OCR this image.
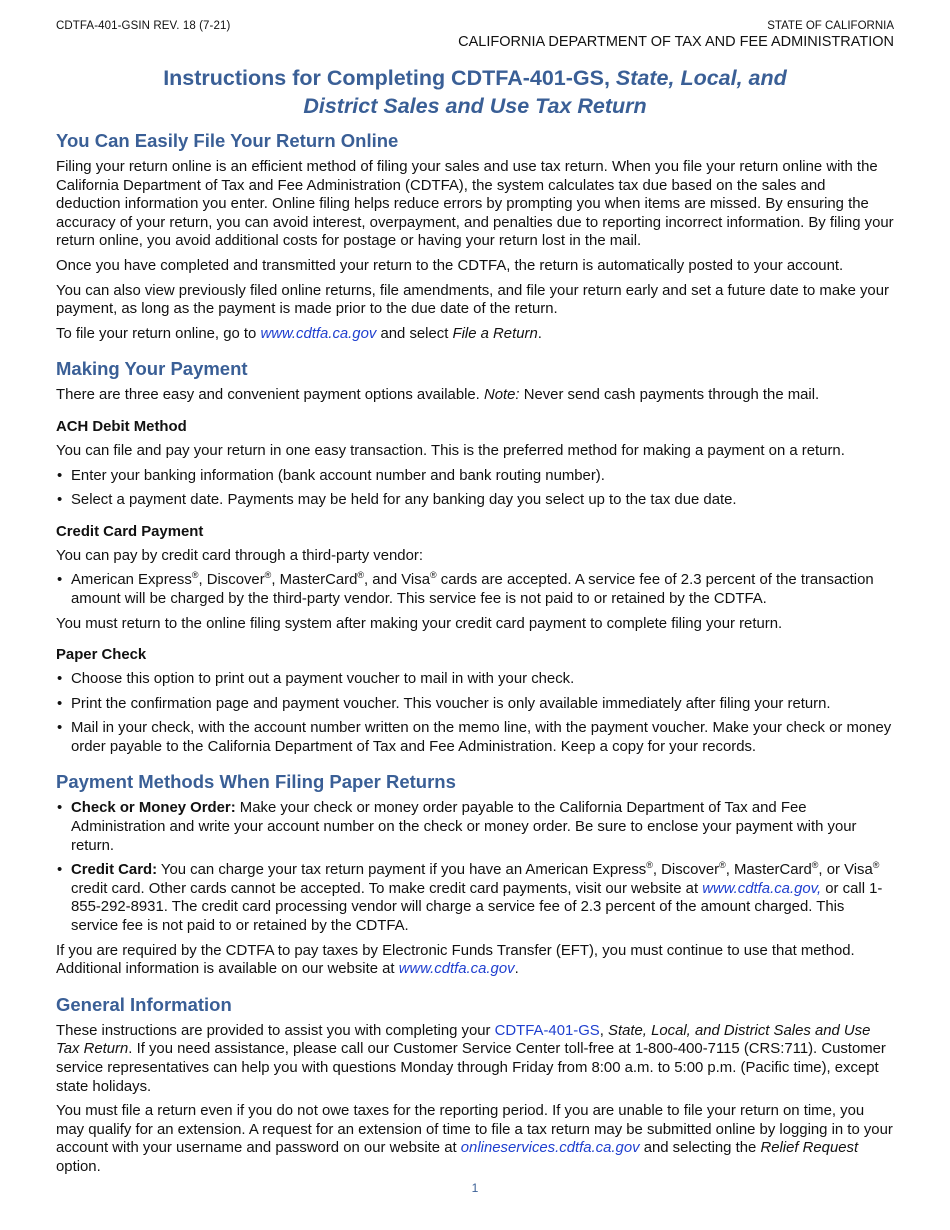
CDTFA-401-GSIN REV. 18 (7-21)	STATE OF CALIFORNIA
CALIFORNIA DEPARTMENT OF TAX AND FEE ADMINISTRATION
Instructions for Completing CDTFA-401-GS, State, Local, and
District Sales and Use Tax Return
You Can Easily File Your Return Online

Filing your return online is an efficient method of filing your sales and use tax return. When you file your return online with the California Department of Tax and Fee Administration (CDTFA), the system calculates tax due based on the sales and deduction information you enter. Online filing helps reduce errors by prompting you when items are missed. By ensuring the accuracy of your return, you can avoid interest, overpayment, and penalties due to reporting incorrect information. By filing your return online, you avoid additional costs for postage or having your return lost in the mail.

Once you have completed and transmitted your return to the CDTFA, the return is automatically posted to your account.

You can also view previously filed online returns, file amendments, and file your return early and set a future date to make your payment, as long as the payment is made prior to the due date of the return.

To file your return online, go to www.cdtfa.ca.gov and select File a Return.

Making Your Payment

There are three easy and convenient payment options available. Note: Never send cash payments through the mail.

ACH Debit Method

You can file and pay your return in one easy transaction. This is the preferred method for making a payment on a return.

• Enter your banking information (bank account number and bank routing number).
• Select a payment date. Payments may be held for any banking day you select up to the tax due date.
Credit Card Payment

You can pay by credit card through a third-party vendor:

• American Express®, Discover®, MasterCard®, and Visa® cards are accepted. A service fee of 2.3 percent of the transaction amount will be charged by the third-party vendor. This service fee is not paid to or retained by the CDTFA.

You must return to the online filing system after making your credit card payment to complete filing your return.

Paper Check
• Choose this option to print out a payment voucher to mail in with your check.
• Print the confirmation page and payment voucher. This voucher is only available immediately after filing your return.
• Mail in your check, with the account number written on the memo line, with the payment voucher. Make your check or money order payable to the California Department of Tax and Fee Administration. Keep a copy for your records.
Payment Methods When Filing Paper Returns
• Check or Money Order: Make your check or money order payable to the California Department of Tax and Fee Administration and write your account number on the check or money order. Be sure to enclose your payment with your return.
• Credit Card: You can charge your tax return payment if you have an American Express®, Discover®, MasterCard®, or Visa® credit card. Other cards cannot be accepted. To make credit card payments, visit our website at www.cdtfa.ca.gov, or call 1-855-292-8931. The credit card processing vendor will charge a service fee of 2.3 percent of the amount charged. This service fee is not paid to or retained by the CDTFA.

If you are required by the CDTFA to pay taxes by Electronic Funds Transfer (EFT), you must continue to use that method. Additional information is available on our website at www.cdtfa.ca.gov.

General Information

These instructions are provided to assist you with completing your CDTFA-401-GS, State, Local, and District Sales and Use Tax Return. If you need assistance, please call our Customer Service Center toll-free at 1-800-400-7115 (CRS:711). Customer service representatives can help you with questions Monday through Friday from 8:00 a.m. to 5:00 p.m. (Pacific time), except state holidays.

You must file a return even if you do not owe taxes for the reporting period. If you are unable to file your return on time, you may qualify for an extension. A request for an extension of time to file a tax return may be submitted online by logging in to your account with your username and password on our website at onlineservices.cdtfa.ca.gov and selecting the Relief Request option.

1
